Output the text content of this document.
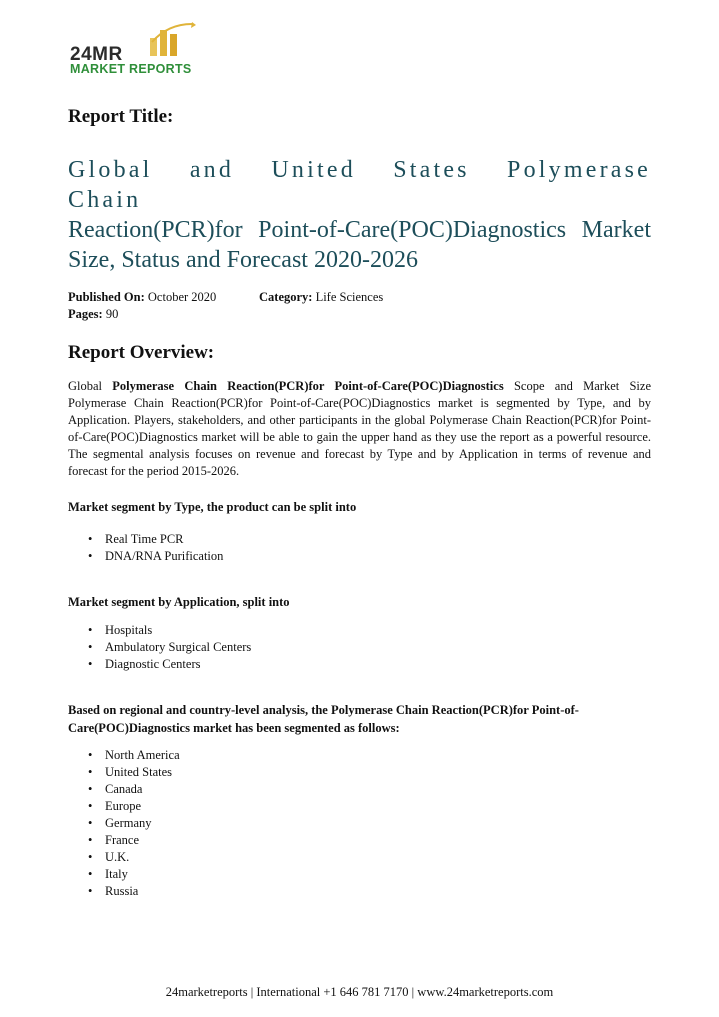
24MR
MARKET REPORTS
Report Title:
Global and United States Polymerase Chain
Reaction(PCR)for Point-of-Care(POC)Diagnostics Market
Size, Status and Forecast 2020-2026
Published On: October 2020	Category: Life Sciences
Pages: 90
Report Overview:
Global Polymerase Chain Reaction(PCR)for Point-of-Care(POC)Diagnostics Scope and Market Size Polymerase Chain Reaction(PCR)for Point-of-Care(POC)Diagnostics market is segmented by Type, and by Application. Players, stakeholders, and other participants in the global Polymerase Chain Reaction(PCR)for Point-of-Care(POC)Diagnostics market will be able to gain the upper hand as they use the report as a powerful resource. The segmental analysis focuses on revenue and forecast by Type and by Application in terms of revenue and forecast for the period 2015-2026.
Market segment by Type, the product can be split into
• Real Time PCR
• DNA/RNA Purification
Market segment by Application, split into
• Hospitals
• Ambulatory Surgical Centers
• Diagnostic Centers
Based on regional and country-level analysis, the Polymerase Chain Reaction(PCR)for Point-of-Care(POC)Diagnostics market has been segmented as follows:
• North America
• United States
• Canada
• Europe
• Germany
• France
• U.K.
• Italy
• Russia
24marketreports | International +1 646 781 7170 | www.24marketreports.com
